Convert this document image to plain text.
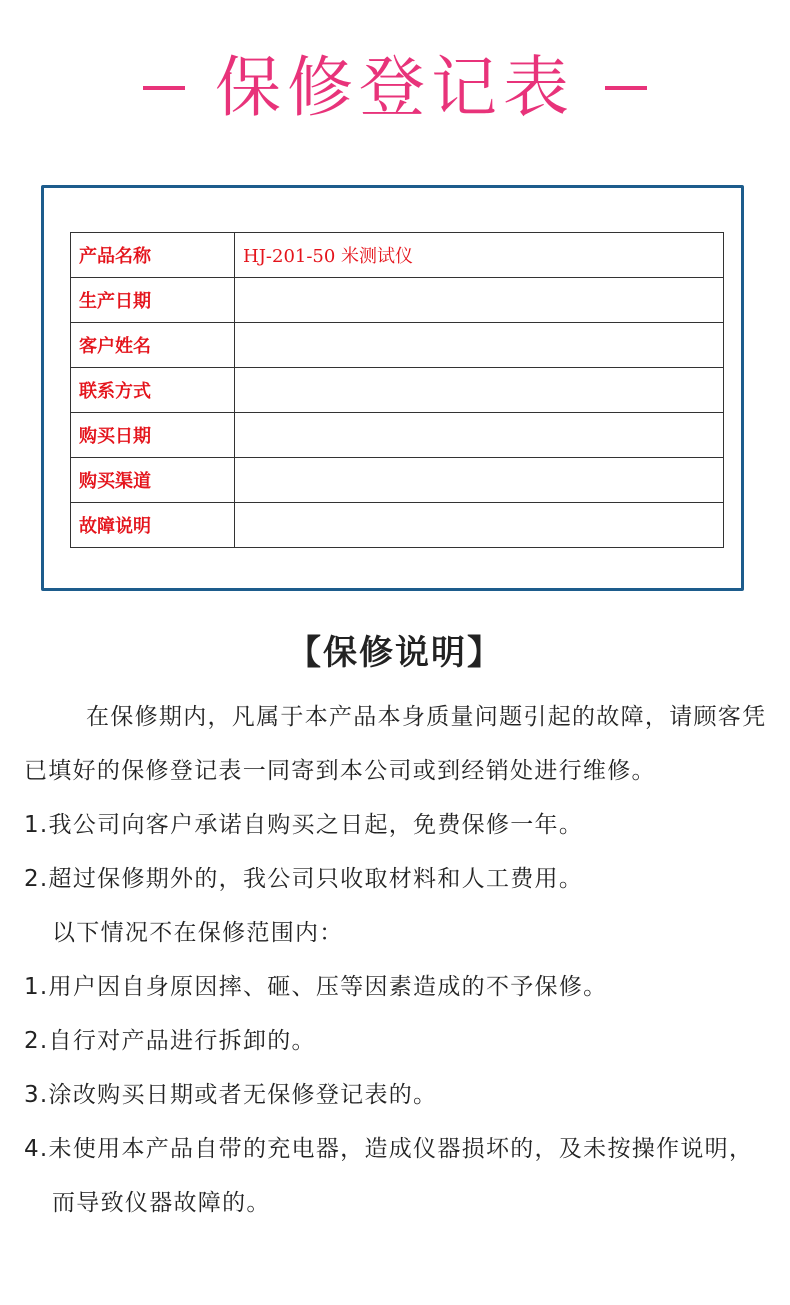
保修登记表
产品名称	HJ-201-50 米测试仪
生产日期	
客户姓名	
联系方式	
购买日期	
购买渠道	
故障说明	
【保修说明】

在保修期内，凡属于本产品本身质量问题引起的故障，请顾客凭已填好的保修登记表一同寄到本公司或到经销处进行维修。

1.我公司向客户承诺自购买之日起，免费保修一年。

2.超过保修期外的，我公司只收取材料和人工费用。

以下情况不在保修范围内：

1.用户因自身原因摔、砸、压等因素造成的不予保修。

2.自行对产品进行拆卸的。

3.涂改购买日期或者无保修登记表的。

4.未使用本产品自带的充电器，造成仪器损坏的，及未按操作说明，而导致仪器故障的。
